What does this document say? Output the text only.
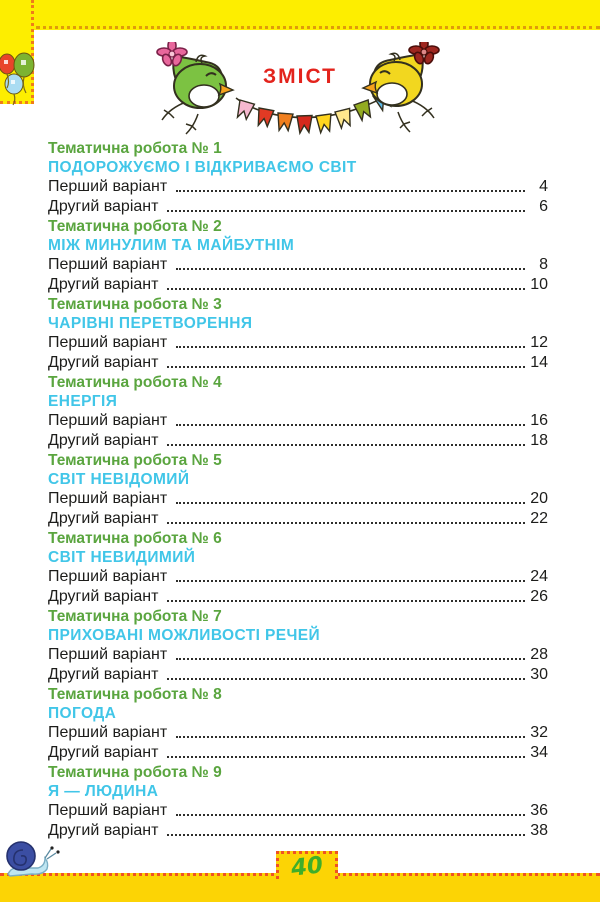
ЗМІСТ
Тематична робота № 1
ПОДОРОЖУЄМО І ВІДКРИВАЄМО СВІТ
Перший варіант	4
Другий варіант	6
Тематична робота № 2
МІЖ МИНУЛИМ ТА МАЙБУТНІМ
Перший варіант	8
Другий варіант	10
Тематична робота № 3
ЧАРІВНІ ПЕРЕТВОРЕННЯ
Перший варіант	12
Другий варіант	14
Тематична робота № 4
ЕНЕРГІЯ
Перший варіант	16
Другий варіант	18
Тематична робота № 5
СВІТ НЕВІДОМИЙ
Перший варіант	20
Другий варіант	22
Тематична робота № 6
СВІТ НЕВИДИМИЙ
Перший варіант	24
Другий варіант	26
Тематична робота № 7
ПРИХОВАНІ МОЖЛИВОСТІ РЕЧЕЙ
Перший варіант	28
Другий варіант	30
Тематична робота № 8
ПОГОДА
Перший варіант	32
Другий варіант	34
Тематична робота № 9
Я — ЛЮДИНА
Перший варіант	36
Другий варіант	38
40
